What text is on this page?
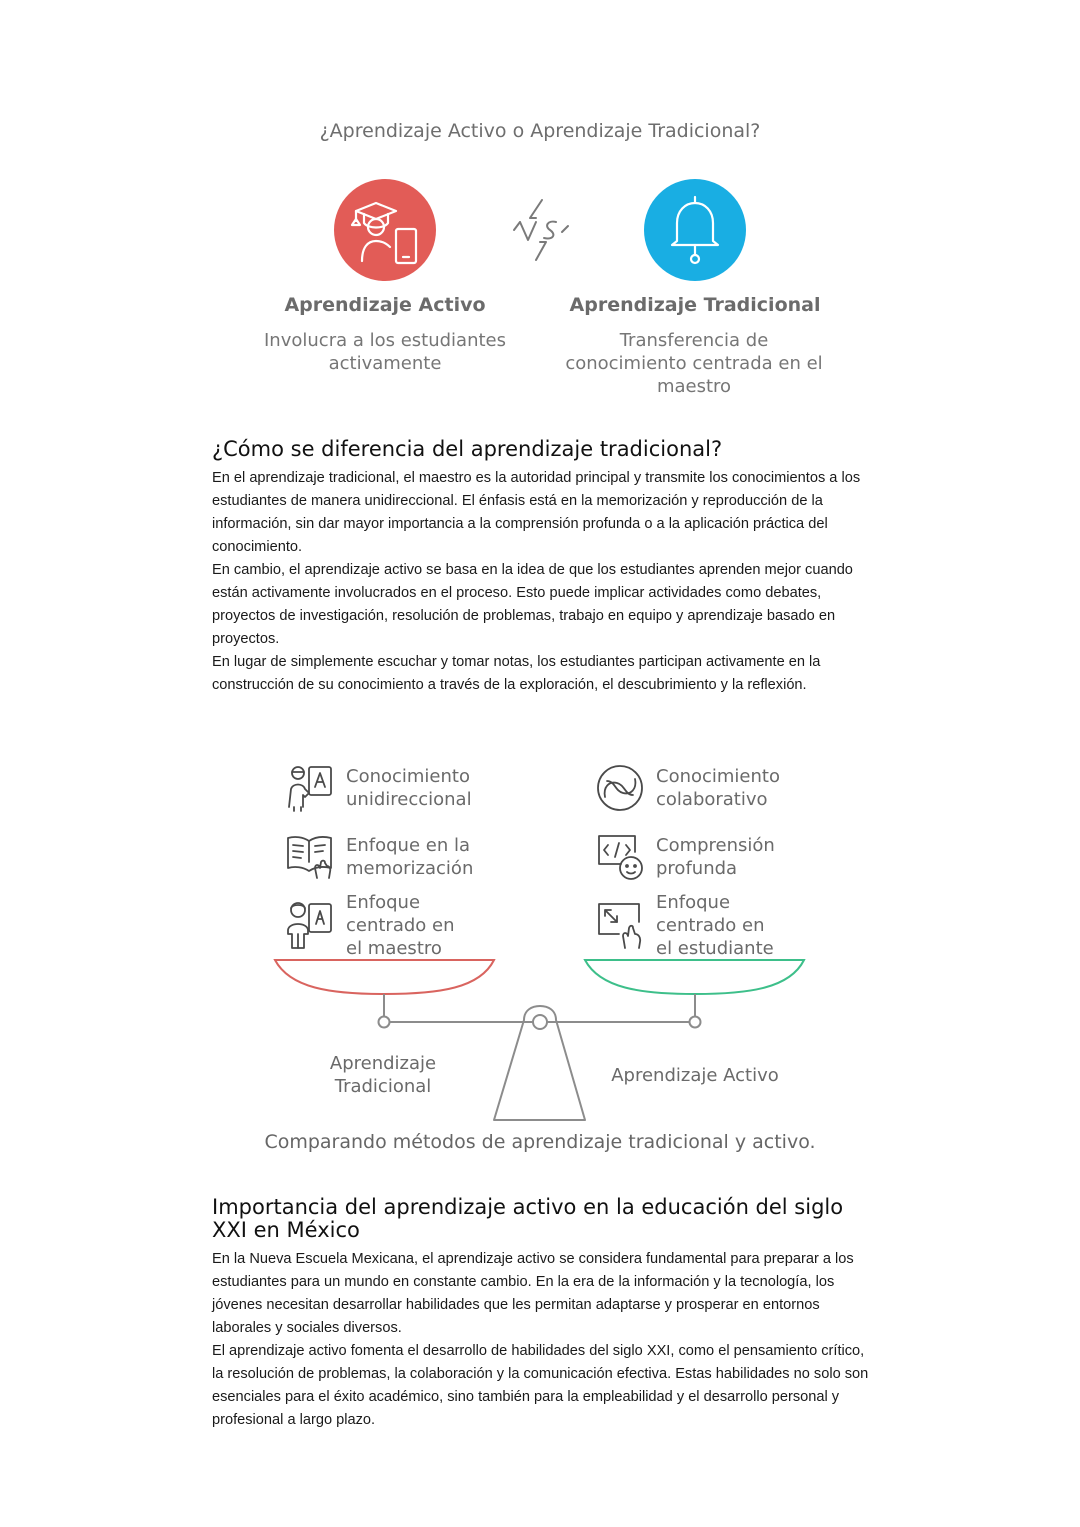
¿Aprendizaje Activo o Aprendizaje Tradicional?
Aprendizaje Activo
Involucra a los estudiantes activamente
Aprendizaje Tradicional
Transferencia de conocimiento centrada en el maestro
¿Cómo se diferencia del aprendizaje tradicional?

En el aprendizaje tradicional, el maestro es la autoridad principal y transmite los conocimientos a los estudiantes de manera unidireccional. El énfasis está en la memorización y reproducción de la información, sin dar mayor importancia a la comprensión profunda o a la aplicación práctica del conocimiento.

En cambio, el aprendizaje activo se basa en la idea de que los estudiantes aprenden mejor cuando están activamente involucrados en el proceso. Esto puede implicar actividades como debates, proyectos de investigación, resolución de problemas, trabajo en equipo y aprendizaje basado en proyectos.

En lugar de simplemente escuchar y tomar notas, los estudiantes participan activamente en la construcción de su conocimiento a través de la exploración, el descubrimiento y la reflexión.

Conocimiento unidireccional
Enfoque en la memorización
Enfoque centrado en el maestro
Conocimiento colaborativo
Comprensión profunda
Enfoque centrado en el estudiante
Aprendizaje Tradicional
Aprendizaje Activo
Comparando métodos de aprendizaje tradicional y activo.
Importancia del aprendizaje activo en la educación del siglo XXI en México

En la Nueva Escuela Mexicana, el aprendizaje activo se considera fundamental para preparar a los estudiantes para un mundo en constante cambio. En la era de la información y la tecnología, los jóvenes necesitan desarrollar habilidades que les permitan adaptarse y prosperar en entornos laborales y sociales diversos.

El aprendizaje activo fomenta el desarrollo de habilidades del siglo XXI, como el pensamiento crítico, la resolución de problemas, la colaboración y la comunicación efectiva. Estas habilidades no solo son esenciales para el éxito académico, sino también para la empleabilidad y el desarrollo personal y profesional a largo plazo.
